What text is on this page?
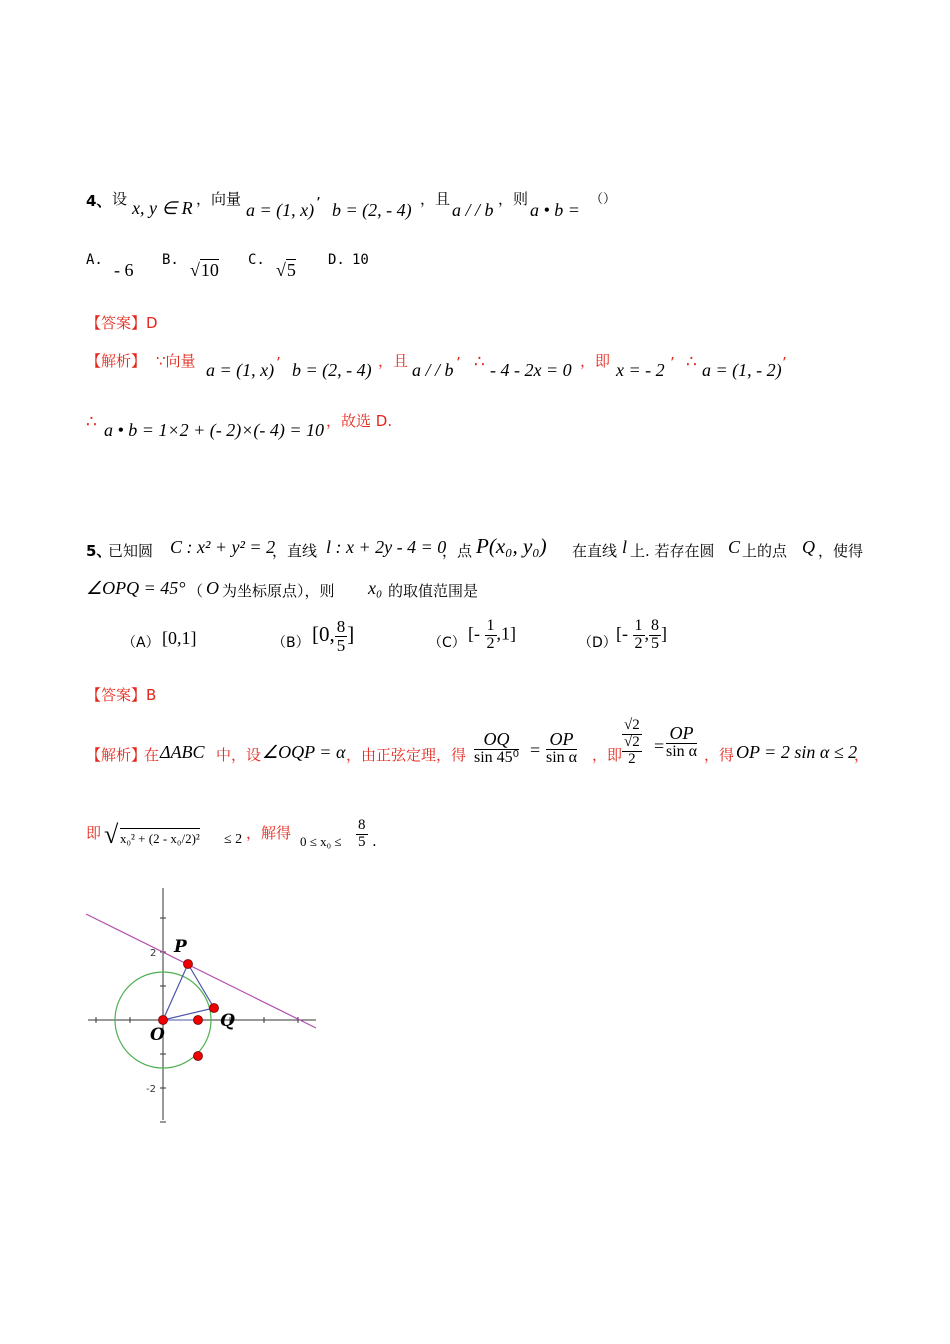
4、 设 x, y ∈ R ，向量
a = (1, x) ’ b = (2, - 4)
，且
a / / b
，则
a • b =
（）
A. - 6 B. √10 C. √5 D. 10
【答案】D
【解析】 ∵向量 a = (1, x) ’ b = (2, - 4) ，且 a / / b ’ ∴ - 4 - 2x = 0 ，即 x = - 2 ’ ∴ a = (1, - 2) ’
∴ a • b = 1×2 + (- 2)×(- 4) = 10 ，故选 D.
5、
已知圆 C : x² + y² = 2
，直线 l : x + 2y - 4 = 0
，点 P(x₀, y₀) 在直线 l 上. 若存在圆 C 上的点 Q ，使得
∠OPQ = 45° （ O 为坐标原点），则 x₀ 的取值范围是
（A） [0,1]	（B） [0, $\frac{8}{5}$ ]	（C） [- $\frac{1}{2} ,1$]	（D） [- $\frac{1}{2}$ , $\frac{8}{5}$ ]
【答案】B
【解析】
在 ΔABC 中，设 ∠OQP = α ，由正弦定理，得 $\frac{OQ}{\text{sin 45⁰}} = \frac{OP}{\text{sin α}}$ ，即
√2
√2
2
= $\frac{OP}{\text{sin α}}$ ，得 OP = 2 sin α ≤ 2
，
即 √ x₀² + (2 - x₀/2)² ≤ 2 ，解得 $0 \le x_0 \le \frac{8}{5}$ .
2
-2
P
O
Q
